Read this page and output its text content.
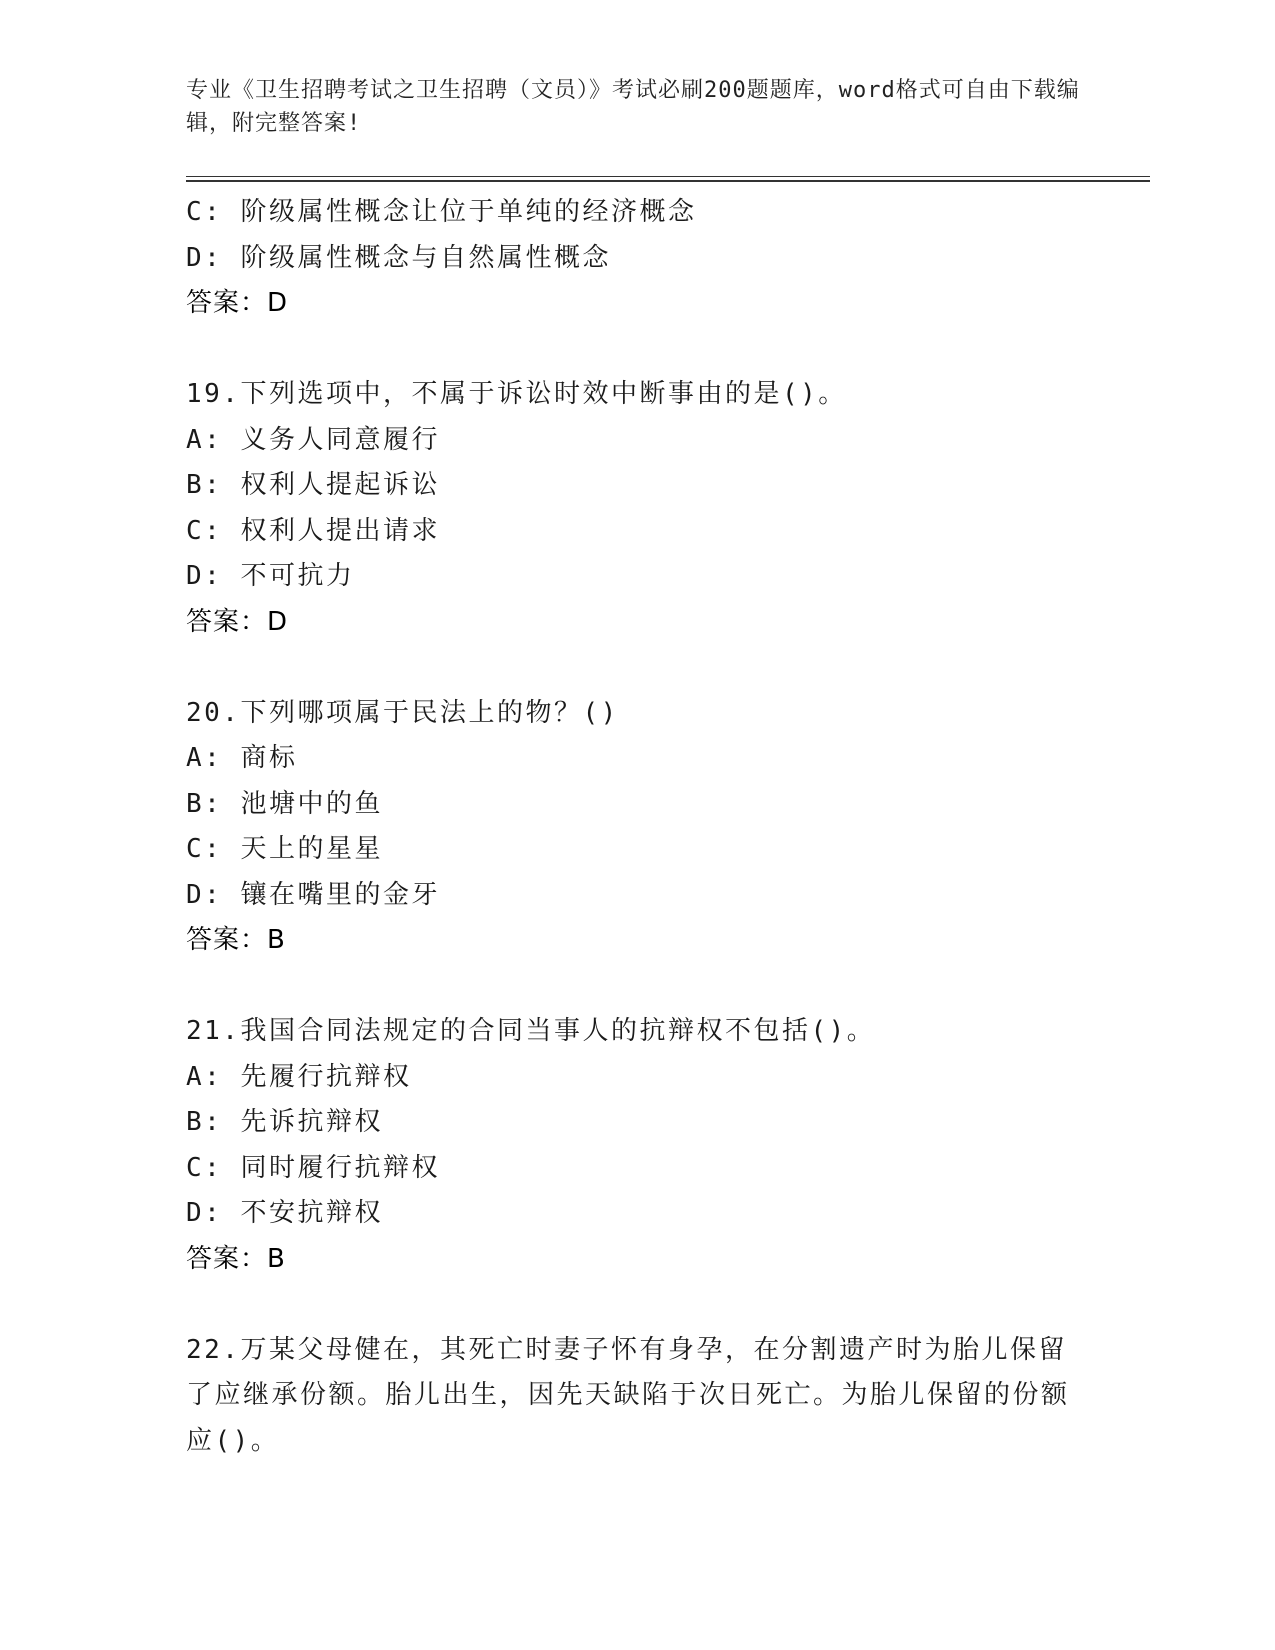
专业《卫生招聘考试之卫生招聘（文员）》考试必刷200题题库，word格式可自由下载编辑，附完整答案!
C: 阶级属性概念让位于单纯的经济概念
D: 阶级属性概念与自然属性概念
答案：D
19.下列选项中，不属于诉讼时效中断事由的是()。
A: 义务人同意履行
B: 权利人提起诉讼
C: 权利人提出请求
D: 不可抗力
答案：D
20.下列哪项属于民法上的物？()
A: 商标
B: 池塘中的鱼
C: 天上的星星
D: 镶在嘴里的金牙
答案：B
21.我国合同法规定的合同当事人的抗辩权不包括()。
A: 先履行抗辩权
B: 先诉抗辩权
C: 同时履行抗辩权
D: 不安抗辩权
答案：B
22.万某父母健在，其死亡时妻子怀有身孕，在分割遗产时为胎儿保留了应继承份额。胎儿出生，因先天缺陷于次日死亡。为胎儿保留的份额应()。
